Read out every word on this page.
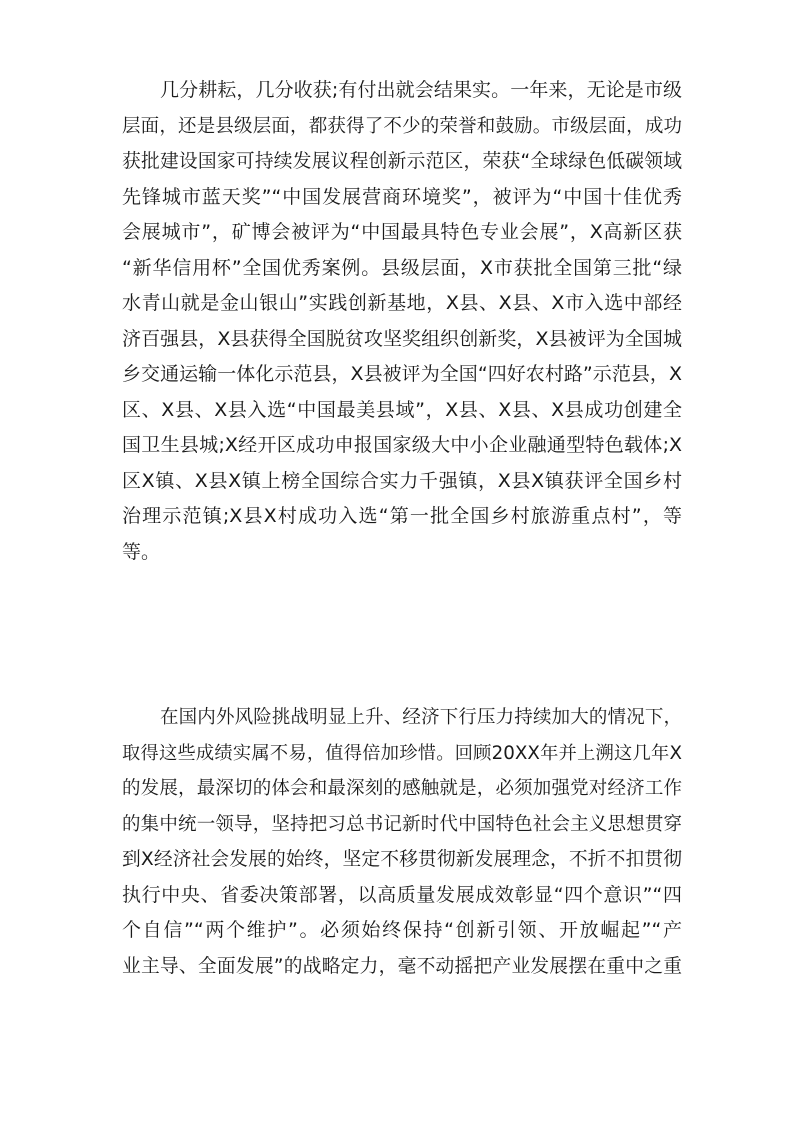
几分耕耘，几分收获;有付出就会结果实。一年来，无论是市级
层面，还是县级层面，都获得了不少的荣誉和鼓励。市级层面，成功
获批建设国家可持续发展议程创新示范区，荣获“全球绿色低碳领域
先锋城市蓝天奖”“中国发展营商环境奖”，被评为“中国十佳优秀
会展城市”，矿博会被评为“中国最具特色专业会展”，X高新区获
“新华信用杯”全国优秀案例。县级层面，X市获批全国第三批“绿
水青山就是金山银山”实践创新基地，X县、X县、X市入选中部经
济百强县，X县获得全国脱贫攻坚奖组织创新奖，X县被评为全国城
乡交通运输一体化示范县，X县被评为全国“四好农村路”示范县，X
区、X县、X县入选“中国最美县域”，X县、X县、X县成功创建全
国卫生县城;X经开区成功申报国家级大中小企业融通型特色载体;X
区X镇、X县X镇上榜全国综合实力千强镇，X县X镇获评全国乡村
治理示范镇;X县X村成功入选“第一批全国乡村旅游重点村”，等
等。
在国内外风险挑战明显上升、经济下行压力持续加大的情况下，
取得这些成绩实属不易，值得倍加珍惜。回顾20XX年并上溯这几年X
的发展，最深切的体会和最深刻的感触就是，必须加强党对经济工作
的集中统一领导，坚持把习总书记新时代中国特色社会主义思想贯穿
到X经济社会发展的始终，坚定不移贯彻新发展理念，不折不扣贯彻
执行中央、省委决策部署，以高质量发展成效彰显“四个意识”“四
个自信”“两个维护”。必须始终保持“创新引领、开放崛起”“产
业主导、全面发展”的战略定力，毫不动摇把产业发展摆在重中之重
